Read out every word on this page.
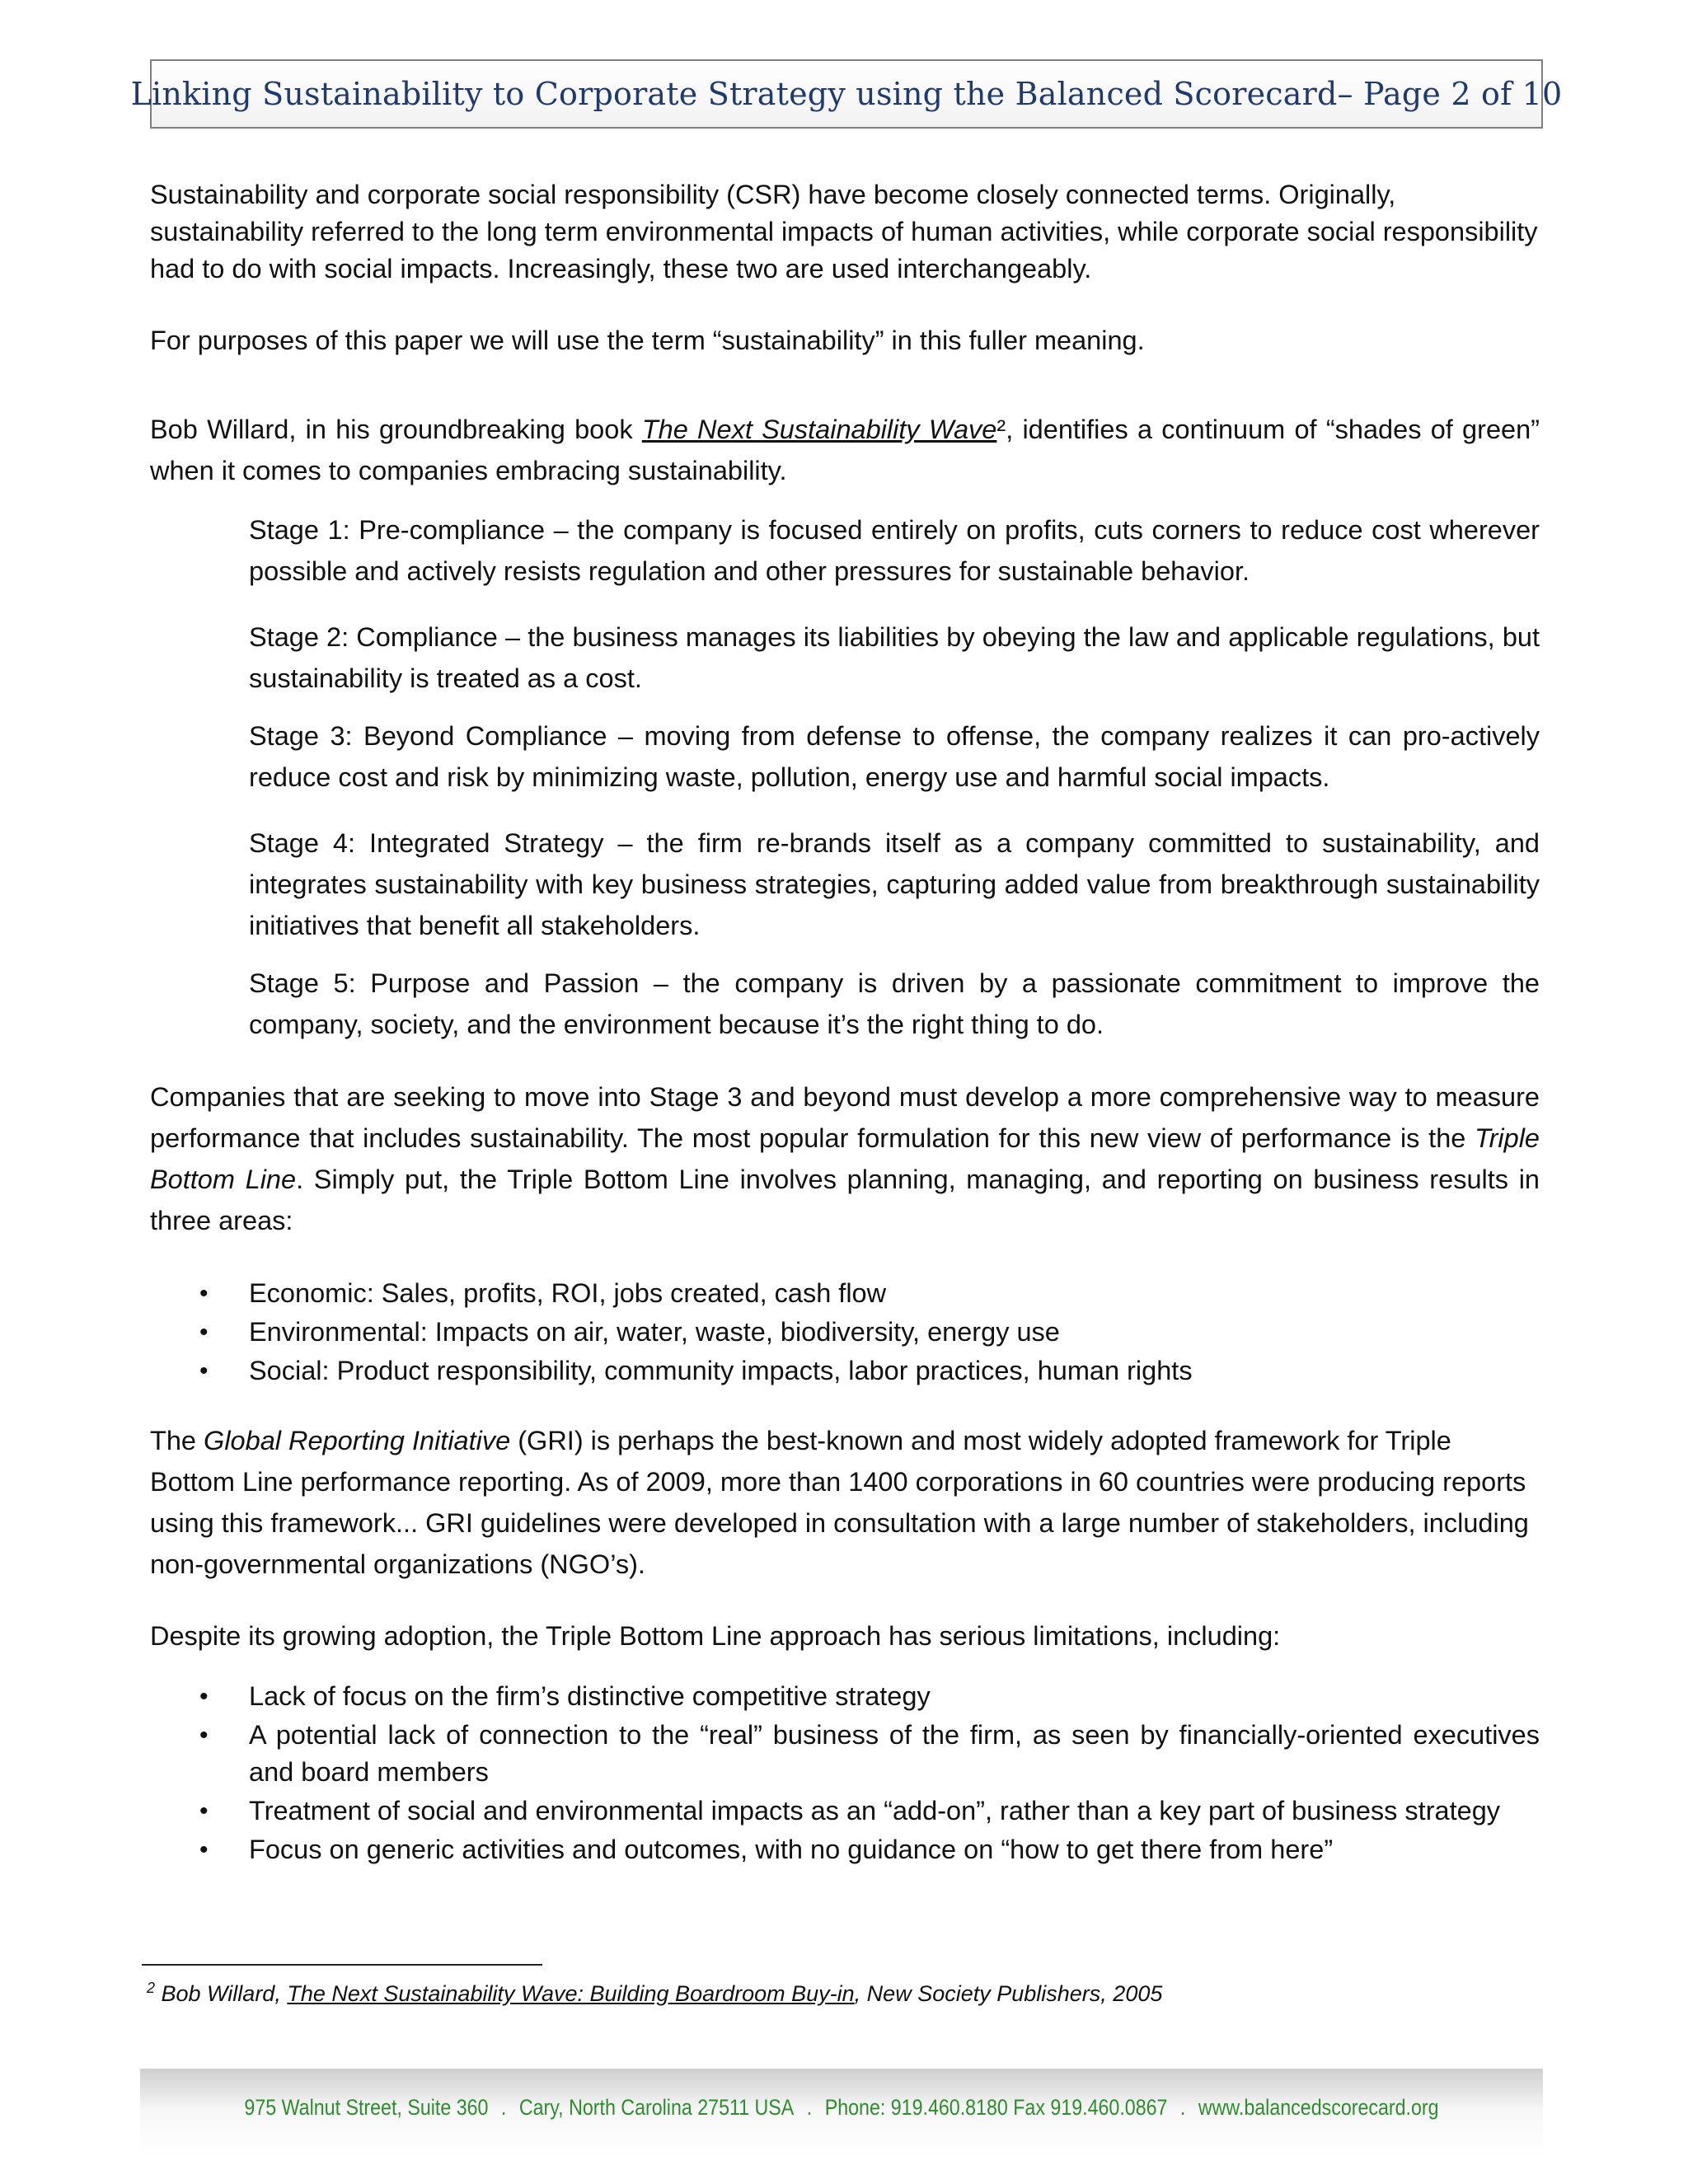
Linking Sustainability to Corporate Strategy using the Balanced Scorecard– Page 2 of 10

Sustainability and corporate social responsibility (CSR) have become closely connected terms. Originally, sustainability referred to the long term environmental impacts of human activities, while corporate social responsibility had to do with social impacts. Increasingly, these two are used interchangeably.

For purposes of this paper we will use the term “sustainability” in this fuller meaning.

Bob Willard, in his groundbreaking book The Next Sustainability Wave², identifies a continuum of “shades of green” when it comes to companies embracing sustainability.

Stage 1: Pre-compliance – the company is focused entirely on profits, cuts corners to reduce cost wherever possible and actively resists regulation and other pressures for sustainable behavior.

Stage 2: Compliance – the business manages its liabilities by obeying the law and applicable regulations, but sustainability is treated as a cost.

Stage 3: Beyond Compliance – moving from defense to offense, the company realizes it can pro-actively reduce cost and risk by minimizing waste, pollution, energy use and harmful social impacts.

Stage 4: Integrated Strategy – the firm re-brands itself as a company committed to sustainability, and integrates sustainability with key business strategies, capturing added value from breakthrough sustainability initiatives that benefit all stakeholders.

Stage 5: Purpose and Passion – the company is driven by a passionate commitment to improve the company, society, and the environment because it’s the right thing to do.

Companies that are seeking to move into Stage 3 and beyond must develop a more comprehensive way to measure performance that includes sustainability. The most popular formulation for this new view of performance is the Triple Bottom Line. Simply put, the Triple Bottom Line involves planning, managing, and reporting on business results in three areas:

• Economic: Sales, profits, ROI, jobs created, cash flow
• Environmental: Impacts on air, water, waste, biodiversity, energy use
• Social: Product responsibility, community impacts, labor practices, human rights

The Global Reporting Initiative (GRI) is perhaps the best-known and most widely adopted framework for Triple Bottom Line performance reporting. As of 2009, more than 1400 corporations in 60 countries were producing reports using this framework... GRI guidelines were developed in consultation with a large number of stakeholders, including non-governmental organizations (NGO’s).

Despite its growing adoption, the Triple Bottom Line approach has serious limitations, including:

• Lack of focus on the firm’s distinctive competitive strategy
• A potential lack of connection to the “real” business of the firm, as seen by financially-oriented executives and board members
• Treatment of social and environmental impacts as an “add-on”, rather than a key part of business strategy
• Focus on generic activities and outcomes, with no guidance on “how to get there from here”
$^2$ Bob Willard, The Next Sustainability Wave: Building Boardroom Buy-in, New Society Publishers, 2005
975 Walnut Street, Suite 360 . Cary, North Carolina 27511 USA . Phone: 919.460.8180 Fax 919.460.0867 . www.balancedscorecard.org
